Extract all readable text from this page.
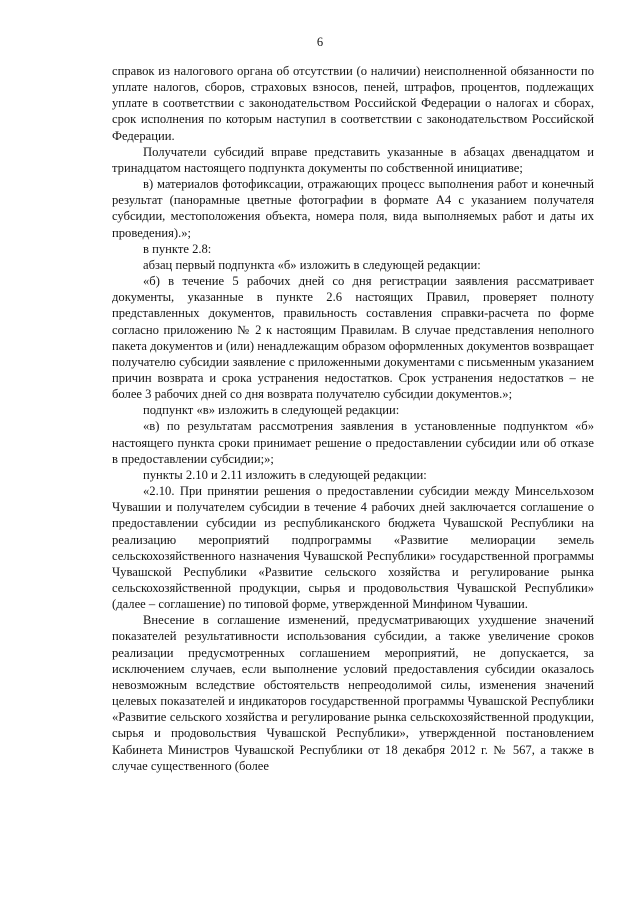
6

справок из налогового органа об отсутствии (о наличии) неисполненной обязанности по уплате налогов, сборов, страховых взносов, пеней, штрафов, процентов, подлежащих уплате в соответствии с законодательством Российской Федерации о налогах и сборах, срок исполнения по которым наступил в соответствии с законодательством Российской Федерации.

Получатели субсидий вправе представить указанные в абзацах двенадцатом и тринадцатом настоящего подпункта документы по собственной инициативе;

в) материалов фотофиксации, отражающих процесс выполнения работ и конечный результат (панорамные цветные фотографии в формате А4 с указанием получателя субсидии, местоположения объекта, номера поля, вида выполняемых работ и даты их проведения).»;

в пункте 2.8:

абзац первый подпункта «б» изложить в следующей редакции:

«б) в течение 5 рабочих дней со дня регистрации заявления рассматривает документы, указанные в пункте 2.6 настоящих Правил, проверяет полноту представленных документов, правильность составления справки-расчета по форме согласно приложению № 2 к настоящим Правилам. В случае представления неполного пакета документов и (или) ненадлежащим образом оформленных документов возвращает получателю субсидии заявление с приложенными документами с письменным указанием причин возврата и срока устранения недостатков. Срок устранения недостатков – не более 3 рабочих дней со дня возврата получателю субсидии документов.»;

подпункт «в» изложить в следующей редакции:

«в) по результатам рассмотрения заявления в установленные подпунктом «б» настоящего пункта сроки принимает решение о предоставлении субсидии или об отказе в предоставлении субсидии;»;

пункты 2.10 и 2.11 изложить в следующей редакции:

«2.10. При принятии решения о предоставлении субсидии между Минсельхозом Чувашии и получателем субсидии в течение 4 рабочих дней заключается соглашение о предоставлении субсидии из республиканского бюджета Чувашской Республики на реализацию мероприятий подпрограммы «Развитие мелиорации земель сельскохозяйственного назначения Чувашской Республики» государственной программы Чувашской Республики «Развитие сельского хозяйства и регулирование рынка сельскохозяйственной продукции, сырья и продовольствия Чувашской Республики» (далее – соглашение) по типовой форме, утвержденной Минфином Чувашии.

Внесение в соглашение изменений, предусматривающих ухудшение значений показателей результативности использования субсидии, а также увеличение сроков реализации предусмотренных соглашением мероприятий, не допускается, за исключением случаев, если выполнение условий предоставления субсидии оказалось невозможным вследствие обстоятельств непреодолимой силы, изменения значений целевых показателей и индикаторов государственной программы Чувашской Республики «Развитие сельского хозяйства и регулирование рынка сельскохозяйственной продукции, сырья и продовольствия Чувашской Республики», утвержденной постановлением Кабинета Министров Чувашской Республики от 18 декабря 2012 г. № 567, а также в случае существенного (более
